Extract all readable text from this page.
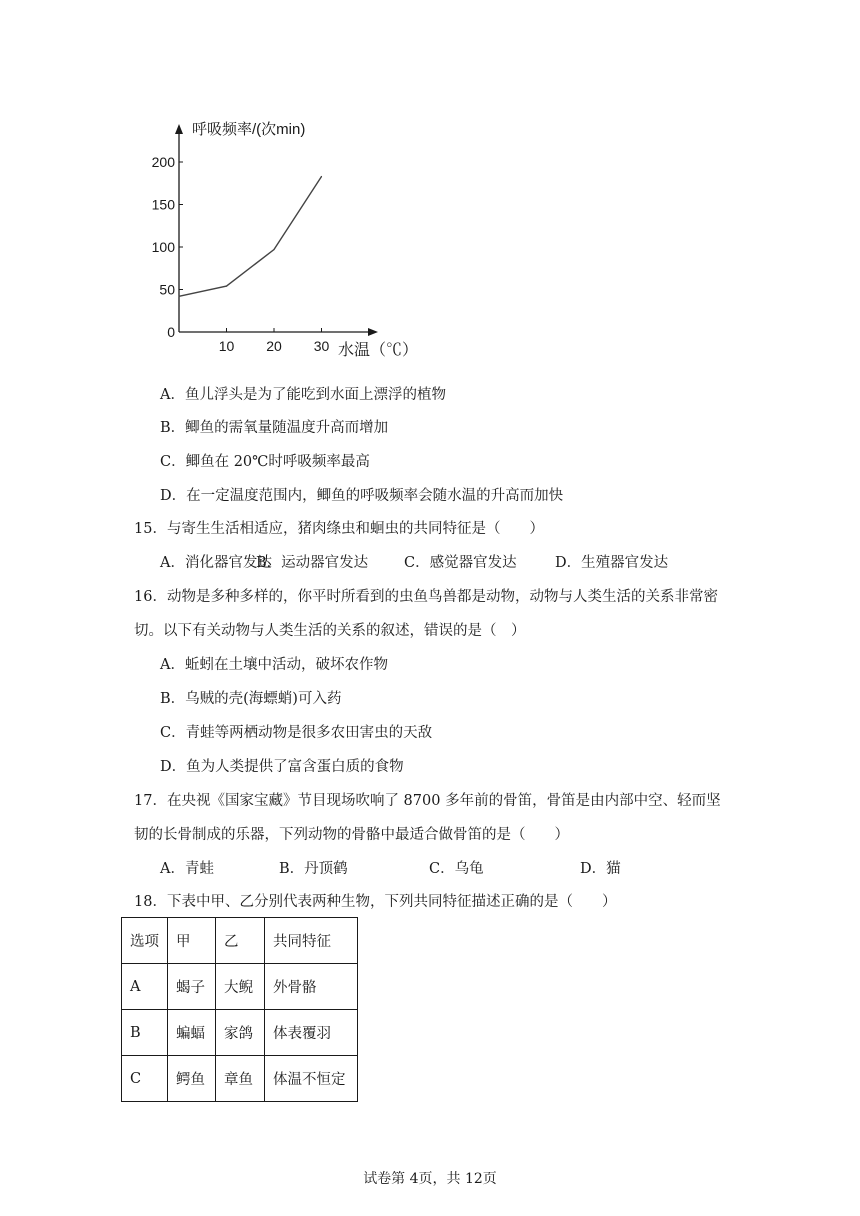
0
50
100
150
200
10 20 30
呼吸频率/(次min)
水温（℃）
A．鱼儿浮头是为了能吃到水面上漂浮的植物
B．鲫鱼的需氧量随温度升高而增加
C．鲫鱼在 20℃时呼吸频率最高
D．在一定温度范围内，鲫鱼的呼吸频率会随水温的升高而加快
15．与寄生生活相适应，猪肉绦虫和蛔虫的共同特征是（　　）
A．消化器官发达B．运动器官发达 C．感觉器官发达	D．生殖器官发达
16．动物是多种多样的，你平时所看到的虫鱼鸟兽都是动物，动物与人类生活的关系非常密
切。以下有关动物与人类生活的关系的叙述，错误的是（　）
A．蚯蚓在土壤中活动，破坏农作物
B．乌贼的壳(海螵蛸)可入药
C．青蛙等两栖动物是很多农田害虫的天敌
D．鱼为人类提供了富含蛋白质的食物
17．在央视《国家宝藏》节目现场吹响了 8700 多年前的骨笛，骨笛是由内部中空、轻而坚
韧的长骨制成的乐器，下列动物的骨骼中最适合做骨笛的是（　　）
A．青蛙	B．丹顶鹤	C．乌龟	D．猫
18．下表中甲、乙分别代表两种生物，下列共同特征描述正确的是（　　）
选项	甲	乙	共同特征
A	蝎子	大鲵	外骨骼
B	蝙蝠	家鸽	体表覆羽
C	鳄鱼	章鱼	体温不恒定
试卷第 4页，共 12页
